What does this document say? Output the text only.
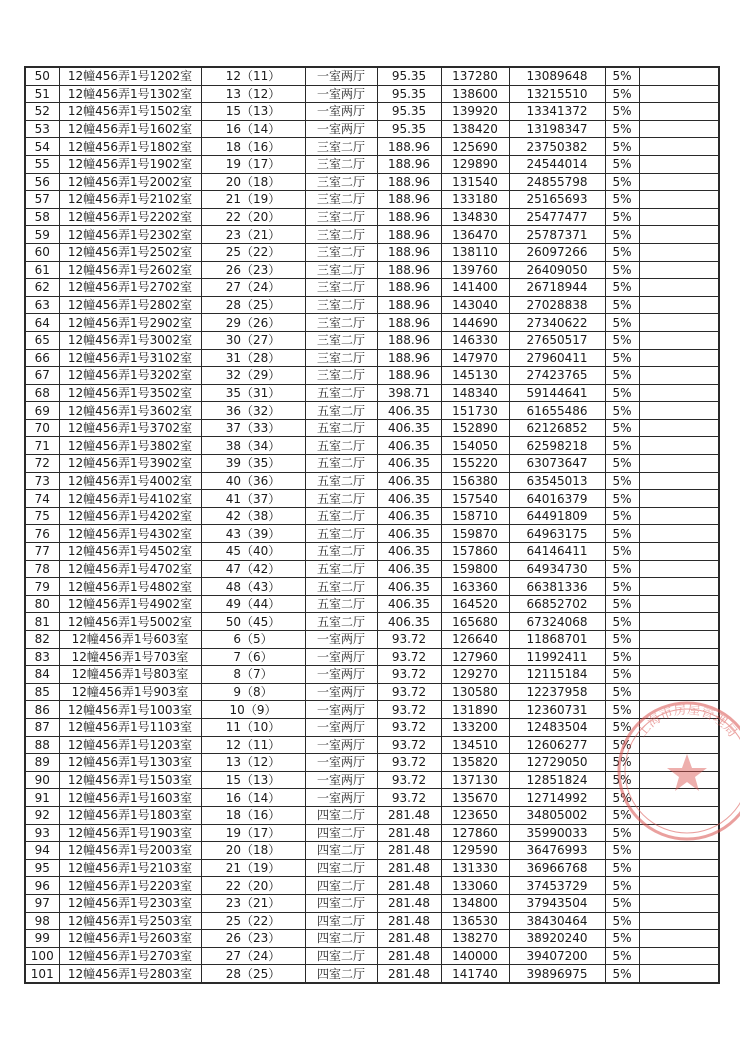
50	12幢456弄1号1202室	12（11）	一室两厅	95.35	137280	13089648	5%	
51	12幢456弄1号1302室	13（12）	一室两厅	95.35	138600	13215510	5%	
52	12幢456弄1号1502室	15（13）	一室两厅	95.35	139920	13341372	5%	
53	12幢456弄1号1602室	16（14）	一室两厅	95.35	138420	13198347	5%	
54	12幢456弄1号1802室	18（16）	三室二厅	188.96	125690	23750382	5%	
55	12幢456弄1号1902室	19（17）	三室二厅	188.96	129890	24544014	5%	
56	12幢456弄1号2002室	20（18）	三室二厅	188.96	131540	24855798	5%	
57	12幢456弄1号2102室	21（19）	三室二厅	188.96	133180	25165693	5%	
58	12幢456弄1号2202室	22（20）	三室二厅	188.96	134830	25477477	5%	
59	12幢456弄1号2302室	23（21）	三室二厅	188.96	136470	25787371	5%	
60	12幢456弄1号2502室	25（22）	三室二厅	188.96	138110	26097266	5%	
61	12幢456弄1号2602室	26（23）	三室二厅	188.96	139760	26409050	5%	
62	12幢456弄1号2702室	27（24）	三室二厅	188.96	141400	26718944	5%	
63	12幢456弄1号2802室	28（25）	三室二厅	188.96	143040	27028838	5%	
64	12幢456弄1号2902室	29（26）	三室二厅	188.96	144690	27340622	5%	
65	12幢456弄1号3002室	30（27）	三室二厅	188.96	146330	27650517	5%	
66	12幢456弄1号3102室	31（28）	三室二厅	188.96	147970	27960411	5%	
67	12幢456弄1号3202室	32（29）	三室二厅	188.96	145130	27423765	5%	
68	12幢456弄1号3502室	35（31）	五室二厅	398.71	148340	59144641	5%	
69	12幢456弄1号3602室	36（32）	五室二厅	406.35	151730	61655486	5%	
70	12幢456弄1号3702室	37（33）	五室二厅	406.35	152890	62126852	5%	
71	12幢456弄1号3802室	38（34）	五室二厅	406.35	154050	62598218	5%	
72	12幢456弄1号3902室	39（35）	五室二厅	406.35	155220	63073647	5%	
73	12幢456弄1号4002室	40（36）	五室二厅	406.35	156380	63545013	5%	
74	12幢456弄1号4102室	41（37）	五室二厅	406.35	157540	64016379	5%	
75	12幢456弄1号4202室	42（38）	五室二厅	406.35	158710	64491809	5%	
76	12幢456弄1号4302室	43（39）	五室二厅	406.35	159870	64963175	5%	
77	12幢456弄1号4502室	45（40）	五室二厅	406.35	157860	64146411	5%	
78	12幢456弄1号4702室	47（42）	五室二厅	406.35	159800	64934730	5%	
79	12幢456弄1号4802室	48（43）	五室二厅	406.35	163360	66381336	5%	
80	12幢456弄1号4902室	49（44）	五室二厅	406.35	164520	66852702	5%	
81	12幢456弄1号5002室	50（45）	五室二厅	406.35	165680	67324068	5%	
82	12幢456弄1号603室	6（5）	一室两厅	93.72	126640	11868701	5%	
83	12幢456弄1号703室	7（6）	一室两厅	93.72	127960	11992411	5%	
84	12幢456弄1号803室	8（7）	一室两厅	93.72	129270	12115184	5%	
85	12幢456弄1号903室	9（8）	一室两厅	93.72	130580	12237958	5%	
86	12幢456弄1号1003室	10（9）	一室两厅	93.72	131890	12360731	5%	
87	12幢456弄1号1103室	11（10）	一室两厅	93.72	133200	12483504	5%	
88	12幢456弄1号1203室	12（11）	一室两厅	93.72	134510	12606277	5%	
89	12幢456弄1号1303室	13（12）	一室两厅	93.72	135820	12729050	5%	
90	12幢456弄1号1503室	15（13）	一室两厅	93.72	137130	12851824	5%	
91	12幢456弄1号1603室	16（14）	一室两厅	93.72	135670	12714992	5%	
92	12幢456弄1号1803室	18（16）	四室二厅	281.48	123650	34805002	5%	
93	12幢456弄1号1903室	19（17）	四室二厅	281.48	127860	35990033	5%	
94	12幢456弄1号2003室	20（18）	四室二厅	281.48	129590	36476993	5%	
95	12幢456弄1号2103室	21（19）	四室二厅	281.48	131330	36966768	5%	
96	12幢456弄1号2203室	22（20）	四室二厅	281.48	133060	37453729	5%	
97	12幢456弄1号2303室	23（21）	四室二厅	281.48	134800	37943504	5%	
98	12幢456弄1号2503室	25（22）	四室二厅	281.48	136530	38430464	5%	
99	12幢456弄1号2603室	26（23）	四室二厅	281.48	138270	38920240	5%	
100	12幢456弄1号2703室	27（24）	四室二厅	281.48	140000	39407200	5%	
101	12幢456弄1号2803室	28（25）	四室二厅	281.48	141740	39896975	5%	
上海市房屋管理局
